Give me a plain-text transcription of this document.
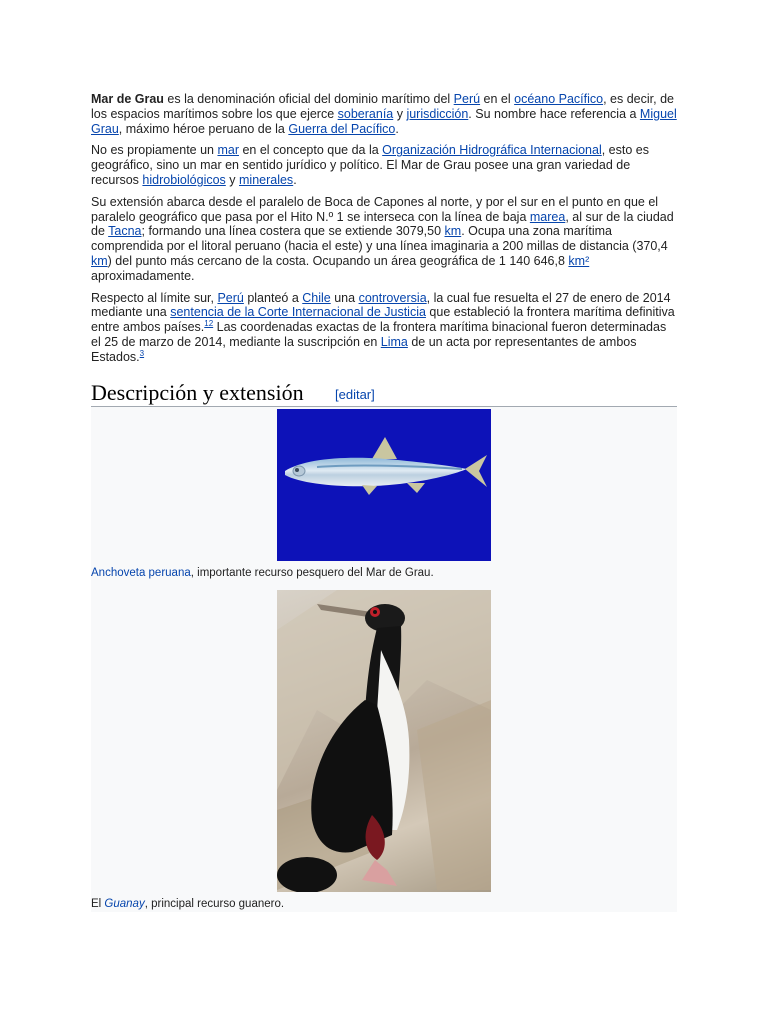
Mar de Grau es la denominación oficial del dominio marítimo del Perú en el océano Pacífico, es decir, de los espacios marítimos sobre los que ejerce soberanía y jurisdicción. Su nombre hace referencia a Miguel Grau, máximo héroe peruano de la Guerra del Pacífico.

No es propiamente un mar en el concepto que da la Organización Hidrográfica Internacional, esto es geográfico, sino un mar en sentido jurídico y político. El Mar de Grau posee una gran variedad de recursos hidrobiológicos y minerales.

Su extensión abarca desde el paralelo de Boca de Capones al norte, y por el sur en el punto en que el paralelo geográfico que pasa por el Hito N.º 1 se interseca con la línea de baja marea, al sur de la ciudad de Tacna; formando una línea costera que se extiende 3079,50 km. Ocupa una zona marítima comprendida por el litoral peruano (hacia el este) y una línea imaginaria a 200 millas de distancia (370,4 km) del punto más cercano de la costa. Ocupando un área geográfica de 1 140 646,8 km² aproximadamente.

Respecto al límite sur, Perú planteó a Chile una controversia, la cual fue resuelta el 27 de enero de 2014 mediante una sentencia de la Corte Internacional de Justicia que estableció la frontera marítima definitiva entre ambos países.$^{12}$ Las coordenadas exactas de la frontera marítima binacional fueron determinadas el 25 de marzo de 2014, mediante la suscripción en Lima de un acta por representantes de ambos Estados.$^3$

Descripción y extensión [editar]
Anchoveta peruana, importante recurso pesquero del Mar de Grau.
El Guanay, principal recurso guanero.
